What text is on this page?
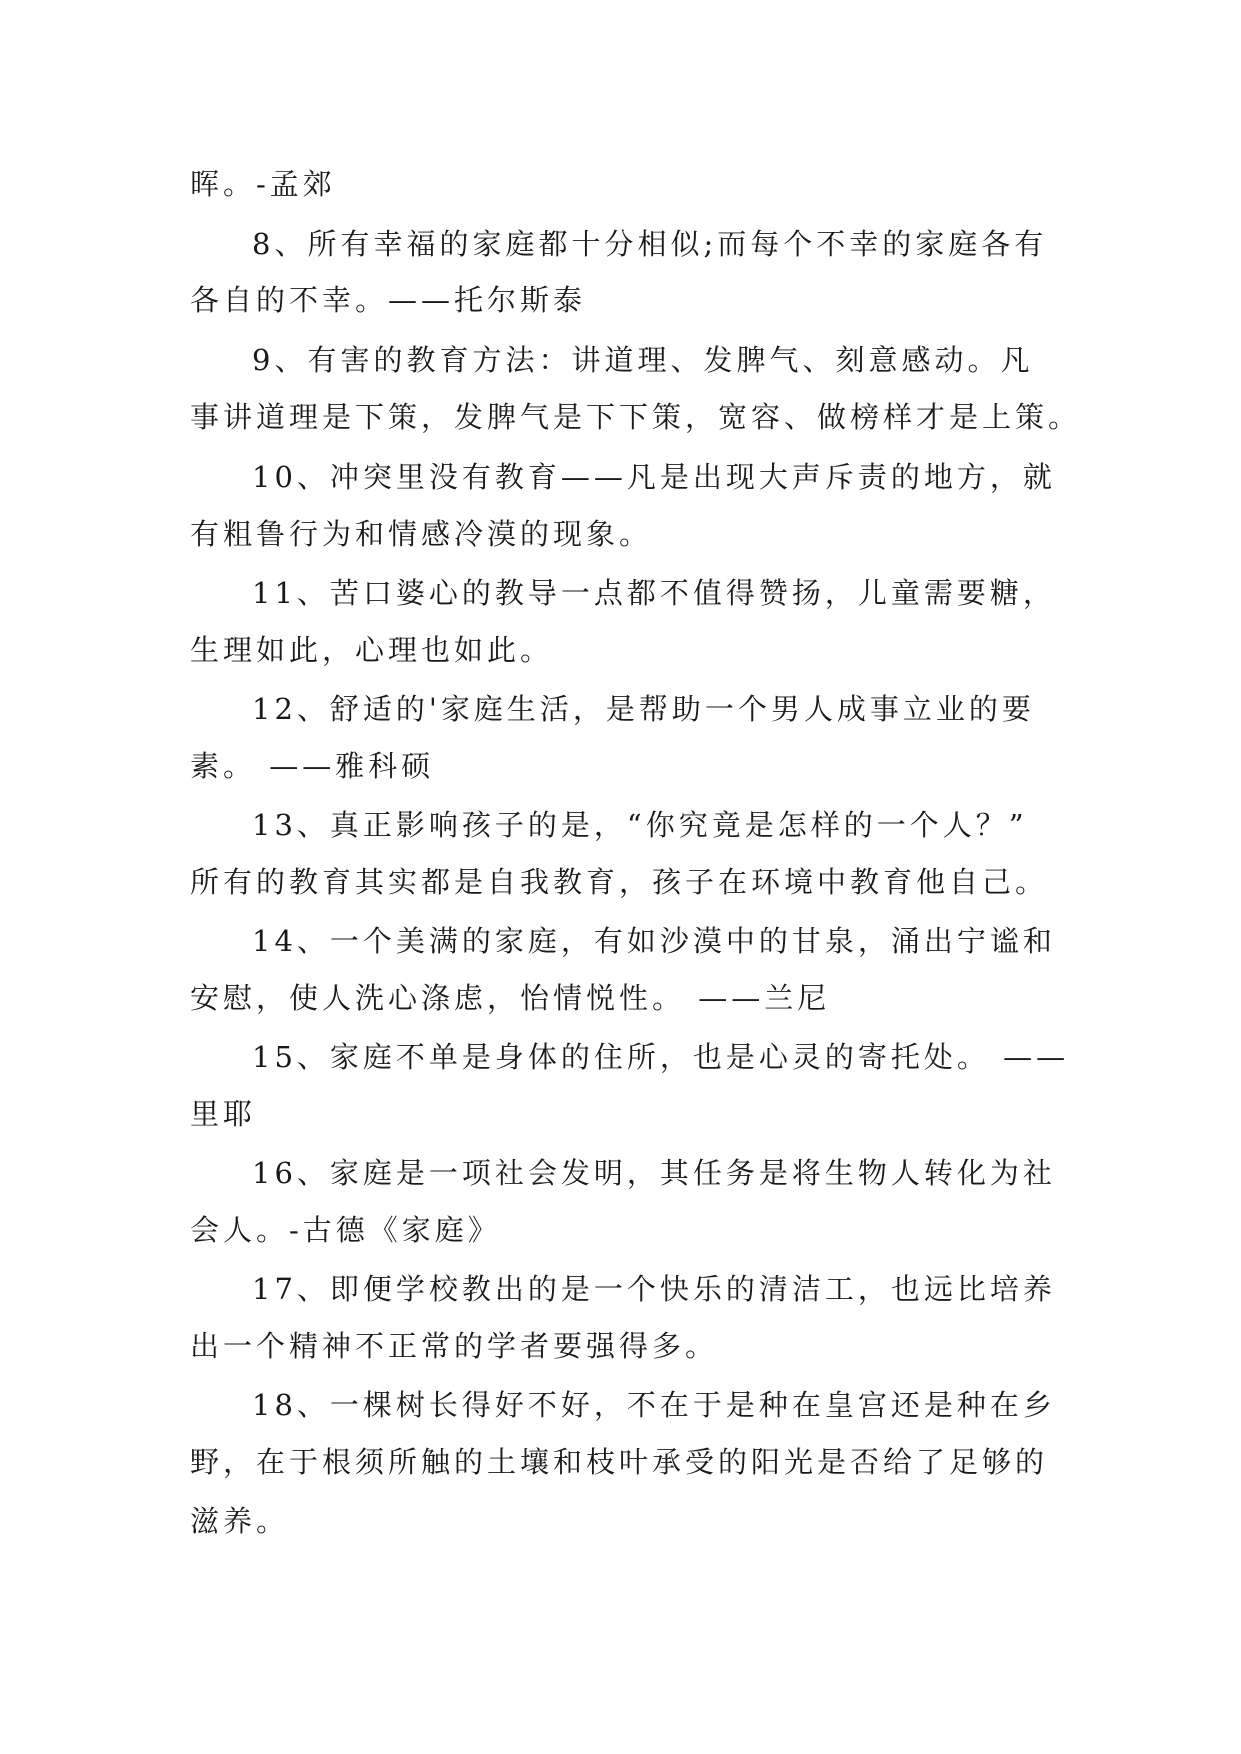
晖。-孟郊
8、所有幸福的家庭都十分相似;而每个不幸的家庭各有
各自的不幸。——托尔斯泰
9、有害的教育方法：讲道理、发脾气、刻意感动。凡
事讲道理是下策，发脾气是下下策，宽容、做榜样才是上策。
10、冲突里没有教育——凡是出现大声斥责的地方，就
有粗鲁行为和情感冷漠的现象。
11、苦口婆心的教导一点都不值得赞扬，儿童需要糖，
生理如此，心理也如此。
12、舒适的'家庭生活，是帮助一个男人成事立业的要
素。 ——雅科硕
13、真正影响孩子的是，“你究竟是怎样的一个人？”
所有的教育其实都是自我教育，孩子在环境中教育他自己。
14、一个美满的家庭，有如沙漠中的甘泉，涌出宁谧和
安慰，使人洗心涤虑，怡情悦性。 ——兰尼
15、家庭不单是身体的住所，也是心灵的寄托处。 ——
里耶
16、家庭是一项社会发明，其任务是将生物人转化为社
会人。-古德《家庭》
17、即便学校教出的是一个快乐的清洁工，也远比培养
出一个精神不正常的学者要强得多。
18、一棵树长得好不好，不在于是种在皇宫还是种在乡
野，在于根须所触的土壤和枝叶承受的阳光是否给了足够的
滋养。
